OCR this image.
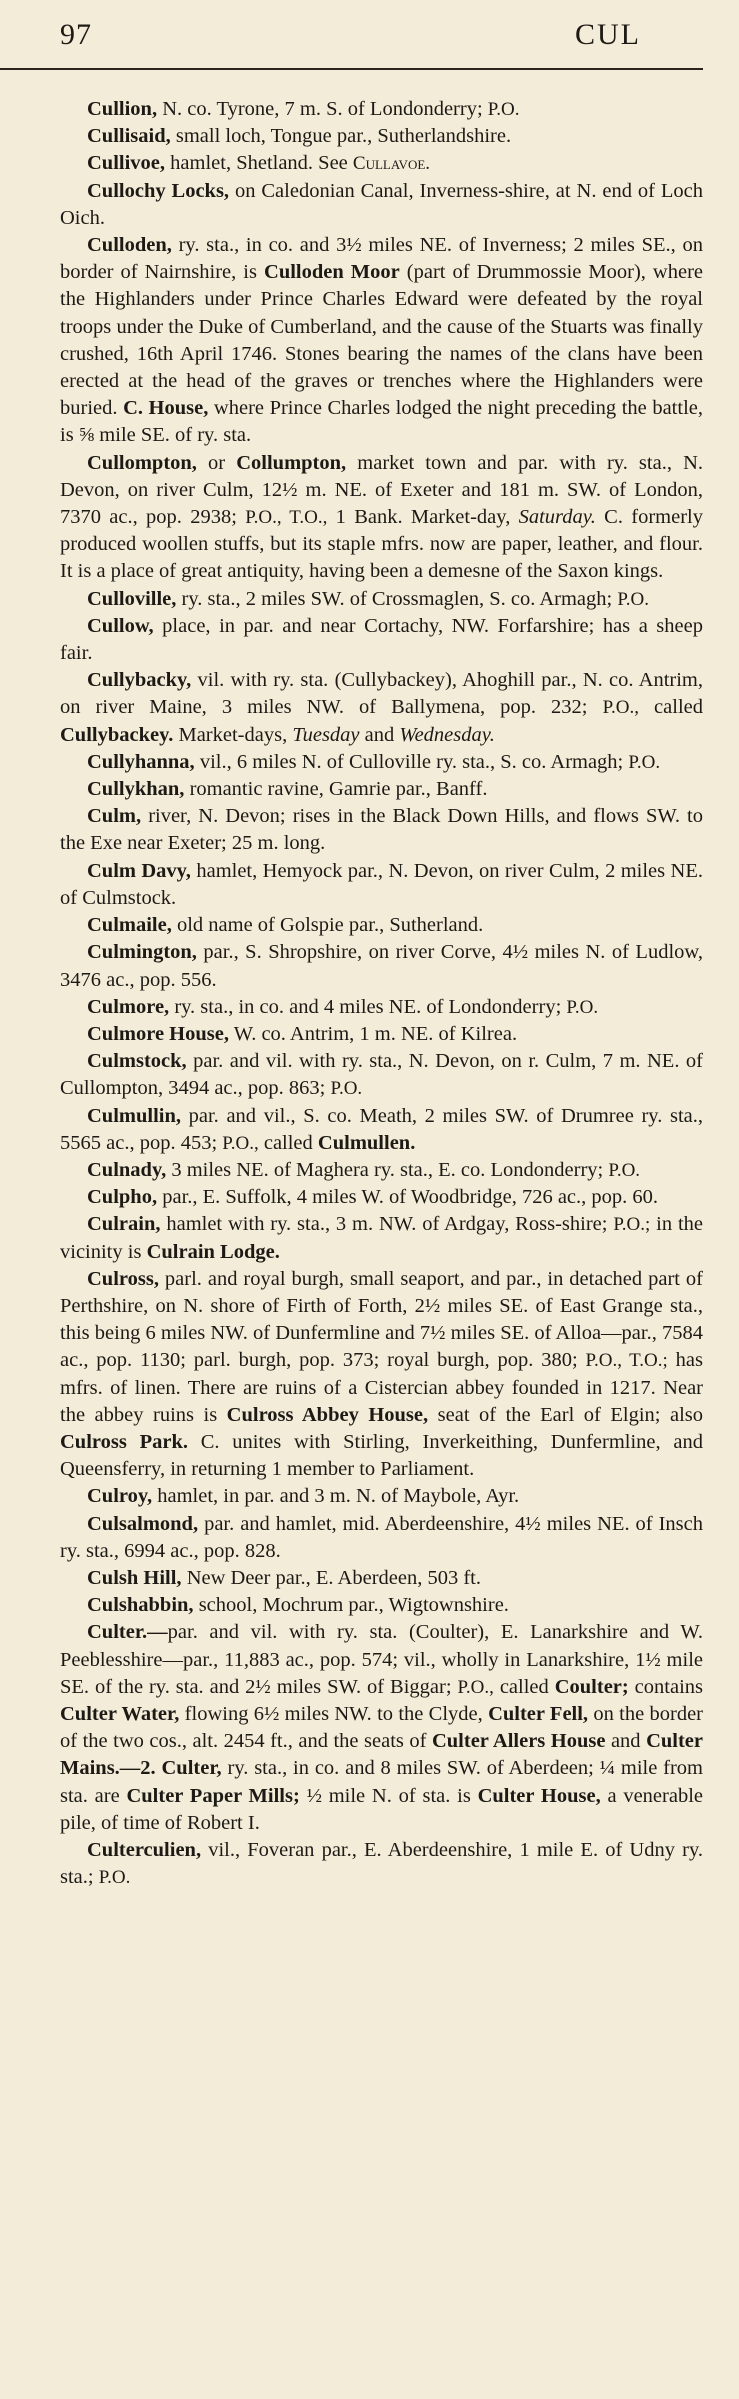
97	CUL

Cullion, N. co. Tyrone, 7 m. S. of Londonderry; P.O.

Cullisaid, small loch, Tongue par., Sutherlandshire.

Cullivoe, hamlet, Shetland. See Cullavoe.

Cullochy Locks, on Caledonian Canal, Inverness-shire, at N. end of Loch Oich.

Culloden, ry. sta., in co. and 3½ miles NE. of Inverness; 2 miles SE., on border of Nairnshire, is Culloden Moor (part of Drummossie Moor), where the Highlanders under Prince Charles Edward were defeated by the royal troops under the Duke of Cumberland, and the cause of the Stuarts was finally crushed, 16th April 1746. Stones bearing the names of the clans have been erected at the head of the graves or trenches where the Highlanders were buried. C. House, where Prince Charles lodged the night preceding the battle, is ⅝ mile SE. of ry. sta.

Cullompton, or Collumpton, market town and par. with ry. sta., N. Devon, on river Culm, 12½ m. NE. of Exeter and 181 m. SW. of London, 7370 ac., pop. 2938; P.O., T.O., 1 Bank. Market-day, Saturday. C. formerly produced woollen stuffs, but its staple mfrs. now are paper, leather, and flour. It is a place of great antiquity, having been a demesne of the Saxon kings.

Culloville, ry. sta., 2 miles SW. of Crossmaglen, S. co. Armagh; P.O.

Cullow, place, in par. and near Cortachy, NW. Forfarshire; has a sheep fair.

Cullybacky, vil. with ry. sta. (Cullybackey), Ahoghill par., N. co. Antrim, on river Maine, 3 miles NW. of Ballymena, pop. 232; P.O., called Cullybackey. Market-days, Tuesday and Wednesday.

Cullyhanna, vil., 6 miles N. of Culloville ry. sta., S. co. Armagh; P.O.

Cullykhan, romantic ravine, Gamrie par., Banff.

Culm, river, N. Devon; rises in the Black Down Hills, and flows SW. to the Exe near Exeter; 25 m. long.

Culm Davy, hamlet, Hemyock par., N. Devon, on river Culm, 2 miles NE. of Culmstock.

Culmaile, old name of Golspie par., Sutherland.

Culmington, par., S. Shropshire, on river Corve, 4½ miles N. of Ludlow, 3476 ac., pop. 556.

Culmore, ry. sta., in co. and 4 miles NE. of Londonderry; P.O.

Culmore House, W. co. Antrim, 1 m. NE. of Kilrea.

Culmstock, par. and vil. with ry. sta., N. Devon, on r. Culm, 7 m. NE. of Cullompton, 3494 ac., pop. 863; P.O.

Culmullin, par. and vil., S. co. Meath, 2 miles SW. of Drumree ry. sta., 5565 ac., pop. 453; P.O., called Culmullen.

Culnady, 3 miles NE. of Maghera ry. sta., E. co. Londonderry; P.O.

Culpho, par., E. Suffolk, 4 miles W. of Woodbridge, 726 ac., pop. 60.

Culrain, hamlet with ry. sta., 3 m. NW. of Ardgay, Ross-shire; P.O.; in the vicinity is Culrain Lodge.

Culross, parl. and royal burgh, small seaport, and par., in detached part of Perthshire, on N. shore of Firth of Forth, 2½ miles SE. of East Grange sta., this being 6 miles NW. of Dunfermline and 7½ miles SE. of Alloa—par., 7584 ac., pop. 1130; parl. burgh, pop. 373; royal burgh, pop. 380; P.O., T.O.; has mfrs. of linen. There are ruins of a Cistercian abbey founded in 1217. Near the abbey ruins is Culross Abbey House, seat of the Earl of Elgin; also Culross Park. C. unites with Stirling, Inverkeithing, Dunfermline, and Queensferry, in returning 1 member to Parliament.

Culroy, hamlet, in par. and 3 m. N. of Maybole, Ayr.

Culsalmond, par. and hamlet, mid. Aberdeenshire, 4½ miles NE. of Insch ry. sta., 6994 ac., pop. 828.

Culsh Hill, New Deer par., E. Aberdeen, 503 ft.

Culshabbin, school, Mochrum par., Wigtownshire.

Culter.—par. and vil. with ry. sta. (Coulter), E. Lanarkshire and W. Peeblesshire—par., 11,883 ac., pop. 574; vil., wholly in Lanarkshire, 1½ mile SE. of the ry. sta. and 2½ miles SW. of Biggar; P.O., called Coulter; contains Culter Water, flowing 6½ miles NW. to the Clyde, Culter Fell, on the border of the two cos., alt. 2454 ft., and the seats of Culter Allers House and Culter Mains.—2. Culter, ry. sta., in co. and 8 miles SW. of Aberdeen; ¼ mile from sta. are Culter Paper Mills; ½ mile N. of sta. is Culter House, a venerable pile, of time of Robert I.

Culterculien, vil., Foveran par., E. Aberdeenshire, 1 mile E. of Udny ry. sta.; P.O.
